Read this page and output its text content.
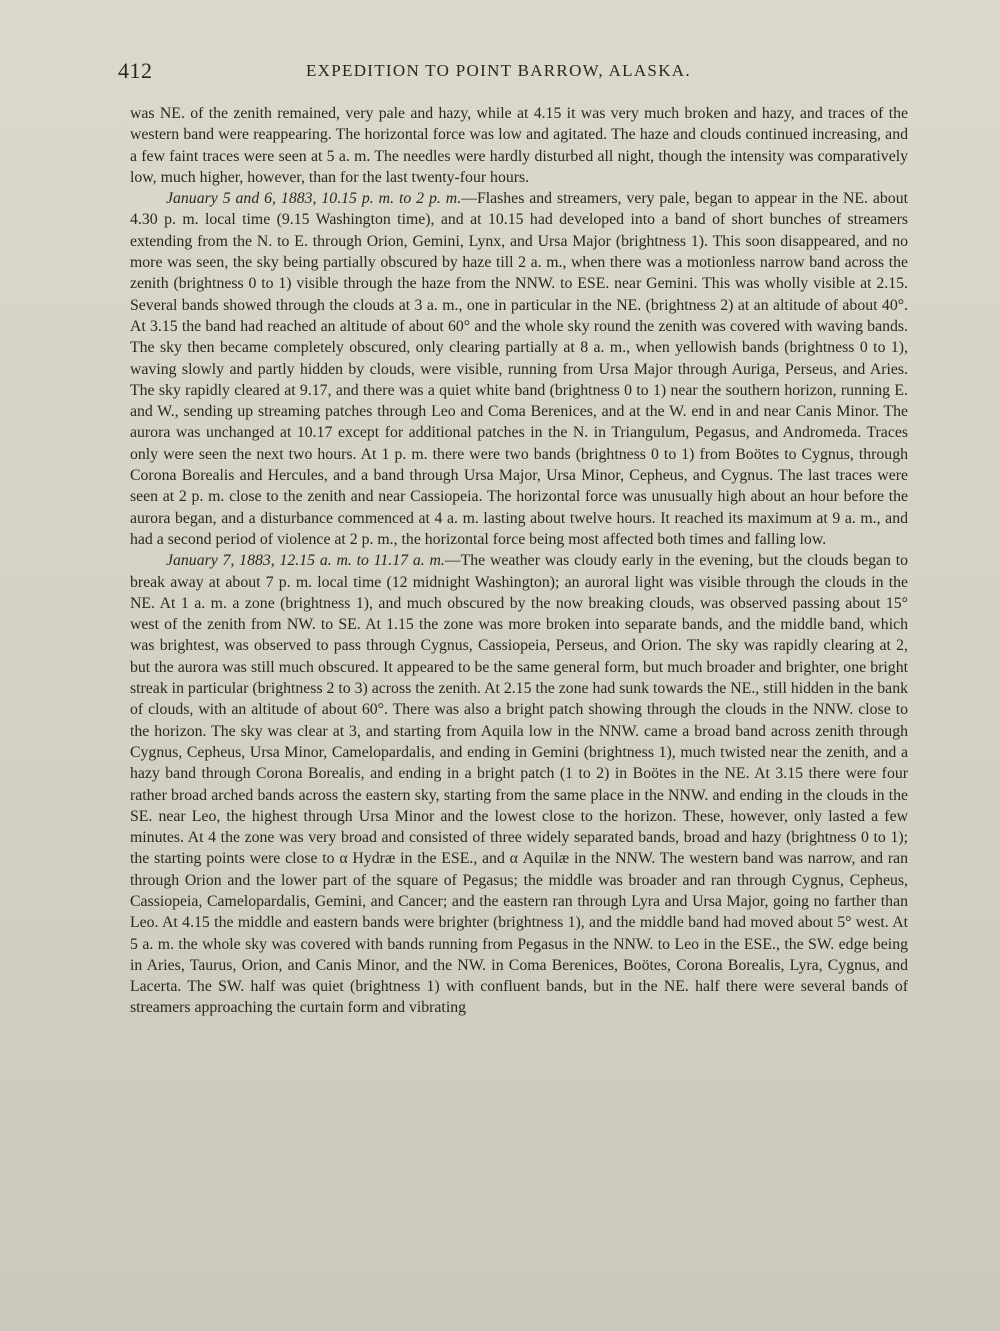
412	EXPEDITION TO POINT BARROW, ALASKA.

was NE. of the zenith remained, very pale and hazy, while at 4.15 it was very much broken and hazy, and traces of the western band were reappearing. The horizontal force was low and agitated. The haze and clouds continued increasing, and a few faint traces were seen at 5 a. m. The needles were hardly disturbed all night, though the intensity was comparatively low, much higher, however, than for the last twenty-four hours.

January 5 and 6, 1883, 10.15 p. m. to 2 p. m.—Flashes and streamers, very pale, began to appear in the NE. about 4.30 p. m. local time (9.15 Washington time), and at 10.15 had developed into a band of short bunches of streamers extending from the N. to E. through Orion, Gemini, Lynx, and Ursa Major (brightness 1). This soon disappeared, and no more was seen, the sky being partially obscured by haze till 2 a. m., when there was a motionless narrow band across the zenith (brightness 0 to 1) visible through the haze from the NNW. to ESE. near Gemini. This was wholly visible at 2.15. Several bands showed through the clouds at 3 a. m., one in particular in the NE. (brightness 2) at an altitude of about 40°. At 3.15 the band had reached an altitude of about 60° and the whole sky round the zenith was covered with waving bands. The sky then became completely obscured, only clearing partially at 8 a. m., when yellowish bands (brightness 0 to 1), waving slowly and partly hidden by clouds, were visible, running from Ursa Major through Auriga, Perseus, and Aries. The sky rapidly cleared at 9.17, and there was a quiet white band (brightness 0 to 1) near the southern horizon, running E. and W., sending up streaming patches through Leo and Coma Berenices, and at the W. end in and near Canis Minor. The aurora was unchanged at 10.17 except for additional patches in the N. in Triangulum, Pegasus, and Andromeda. Traces only were seen the next two hours. At 1 p. m. there were two bands (brightness 0 to 1) from Boötes to Cygnus, through Corona Borealis and Hercules, and a band through Ursa Major, Ursa Minor, Cepheus, and Cygnus. The last traces were seen at 2 p. m. close to the zenith and near Cassiopeia. The horizontal force was unusually high about an hour before the aurora began, and a disturbance commenced at 4 a. m. lasting about twelve hours. It reached its maximum at 9 a. m., and had a second period of violence at 2 p. m., the horizontal force being most affected both times and falling low.

January 7, 1883, 12.15 a. m. to 11.17 a. m.—The weather was cloudy early in the evening, but the clouds began to break away at about 7 p. m. local time (12 midnight Washington); an auroral light was visible through the clouds in the NE. At 1 a. m. a zone (brightness 1), and much obscured by the now breaking clouds, was observed passing about 15° west of the zenith from NW. to SE. At 1.15 the zone was more broken into separate bands, and the middle band, which was brightest, was observed to pass through Cygnus, Cassiopeia, Perseus, and Orion. The sky was rapidly clearing at 2, but the aurora was still much obscured. It appeared to be the same general form, but much broader and brighter, one bright streak in particular (brightness 2 to 3) across the zenith. At 2.15 the zone had sunk towards the NE., still hidden in the bank of clouds, with an altitude of about 60°. There was also a bright patch showing through the clouds in the NNW. close to the horizon. The sky was clear at 3, and starting from Aquila low in the NNW. came a broad band across zenith through Cygnus, Cepheus, Ursa Minor, Camelopardalis, and ending in Gemini (brightness 1), much twisted near the zenith, and a hazy band through Corona Borealis, and ending in a bright patch (1 to 2) in Boötes in the NE. At 3.15 there were four rather broad arched bands across the eastern sky, starting from the same place in the NNW. and ending in the clouds in the SE. near Leo, the highest through Ursa Minor and the lowest close to the horizon. These, however, only lasted a few minutes. At 4 the zone was very broad and consisted of three widely separated bands, broad and hazy (brightness 0 to 1); the starting points were close to α Hydræ in the ESE., and α Aquilæ in the NNW. The western band was narrow, and ran through Orion and the lower part of the square of Pegasus; the middle was broader and ran through Cygnus, Cepheus, Cassiopeia, Camelopardalis, Gemini, and Cancer; and the eastern ran through Lyra and Ursa Major, going no farther than Leo. At 4.15 the middle and eastern bands were brighter (brightness 1), and the middle band had moved about 5° west. At 5 a. m. the whole sky was covered with bands running from Pegasus in the NNW. to Leo in the ESE., the SW. edge being in Aries, Taurus, Orion, and Canis Minor, and the NW. in Coma Berenices, Boötes, Corona Borealis, Lyra, Cygnus, and Lacerta. The SW. half was quiet (brightness 1) with confluent bands, but in the NE. half there were several bands of streamers approaching the curtain form and vibrating
